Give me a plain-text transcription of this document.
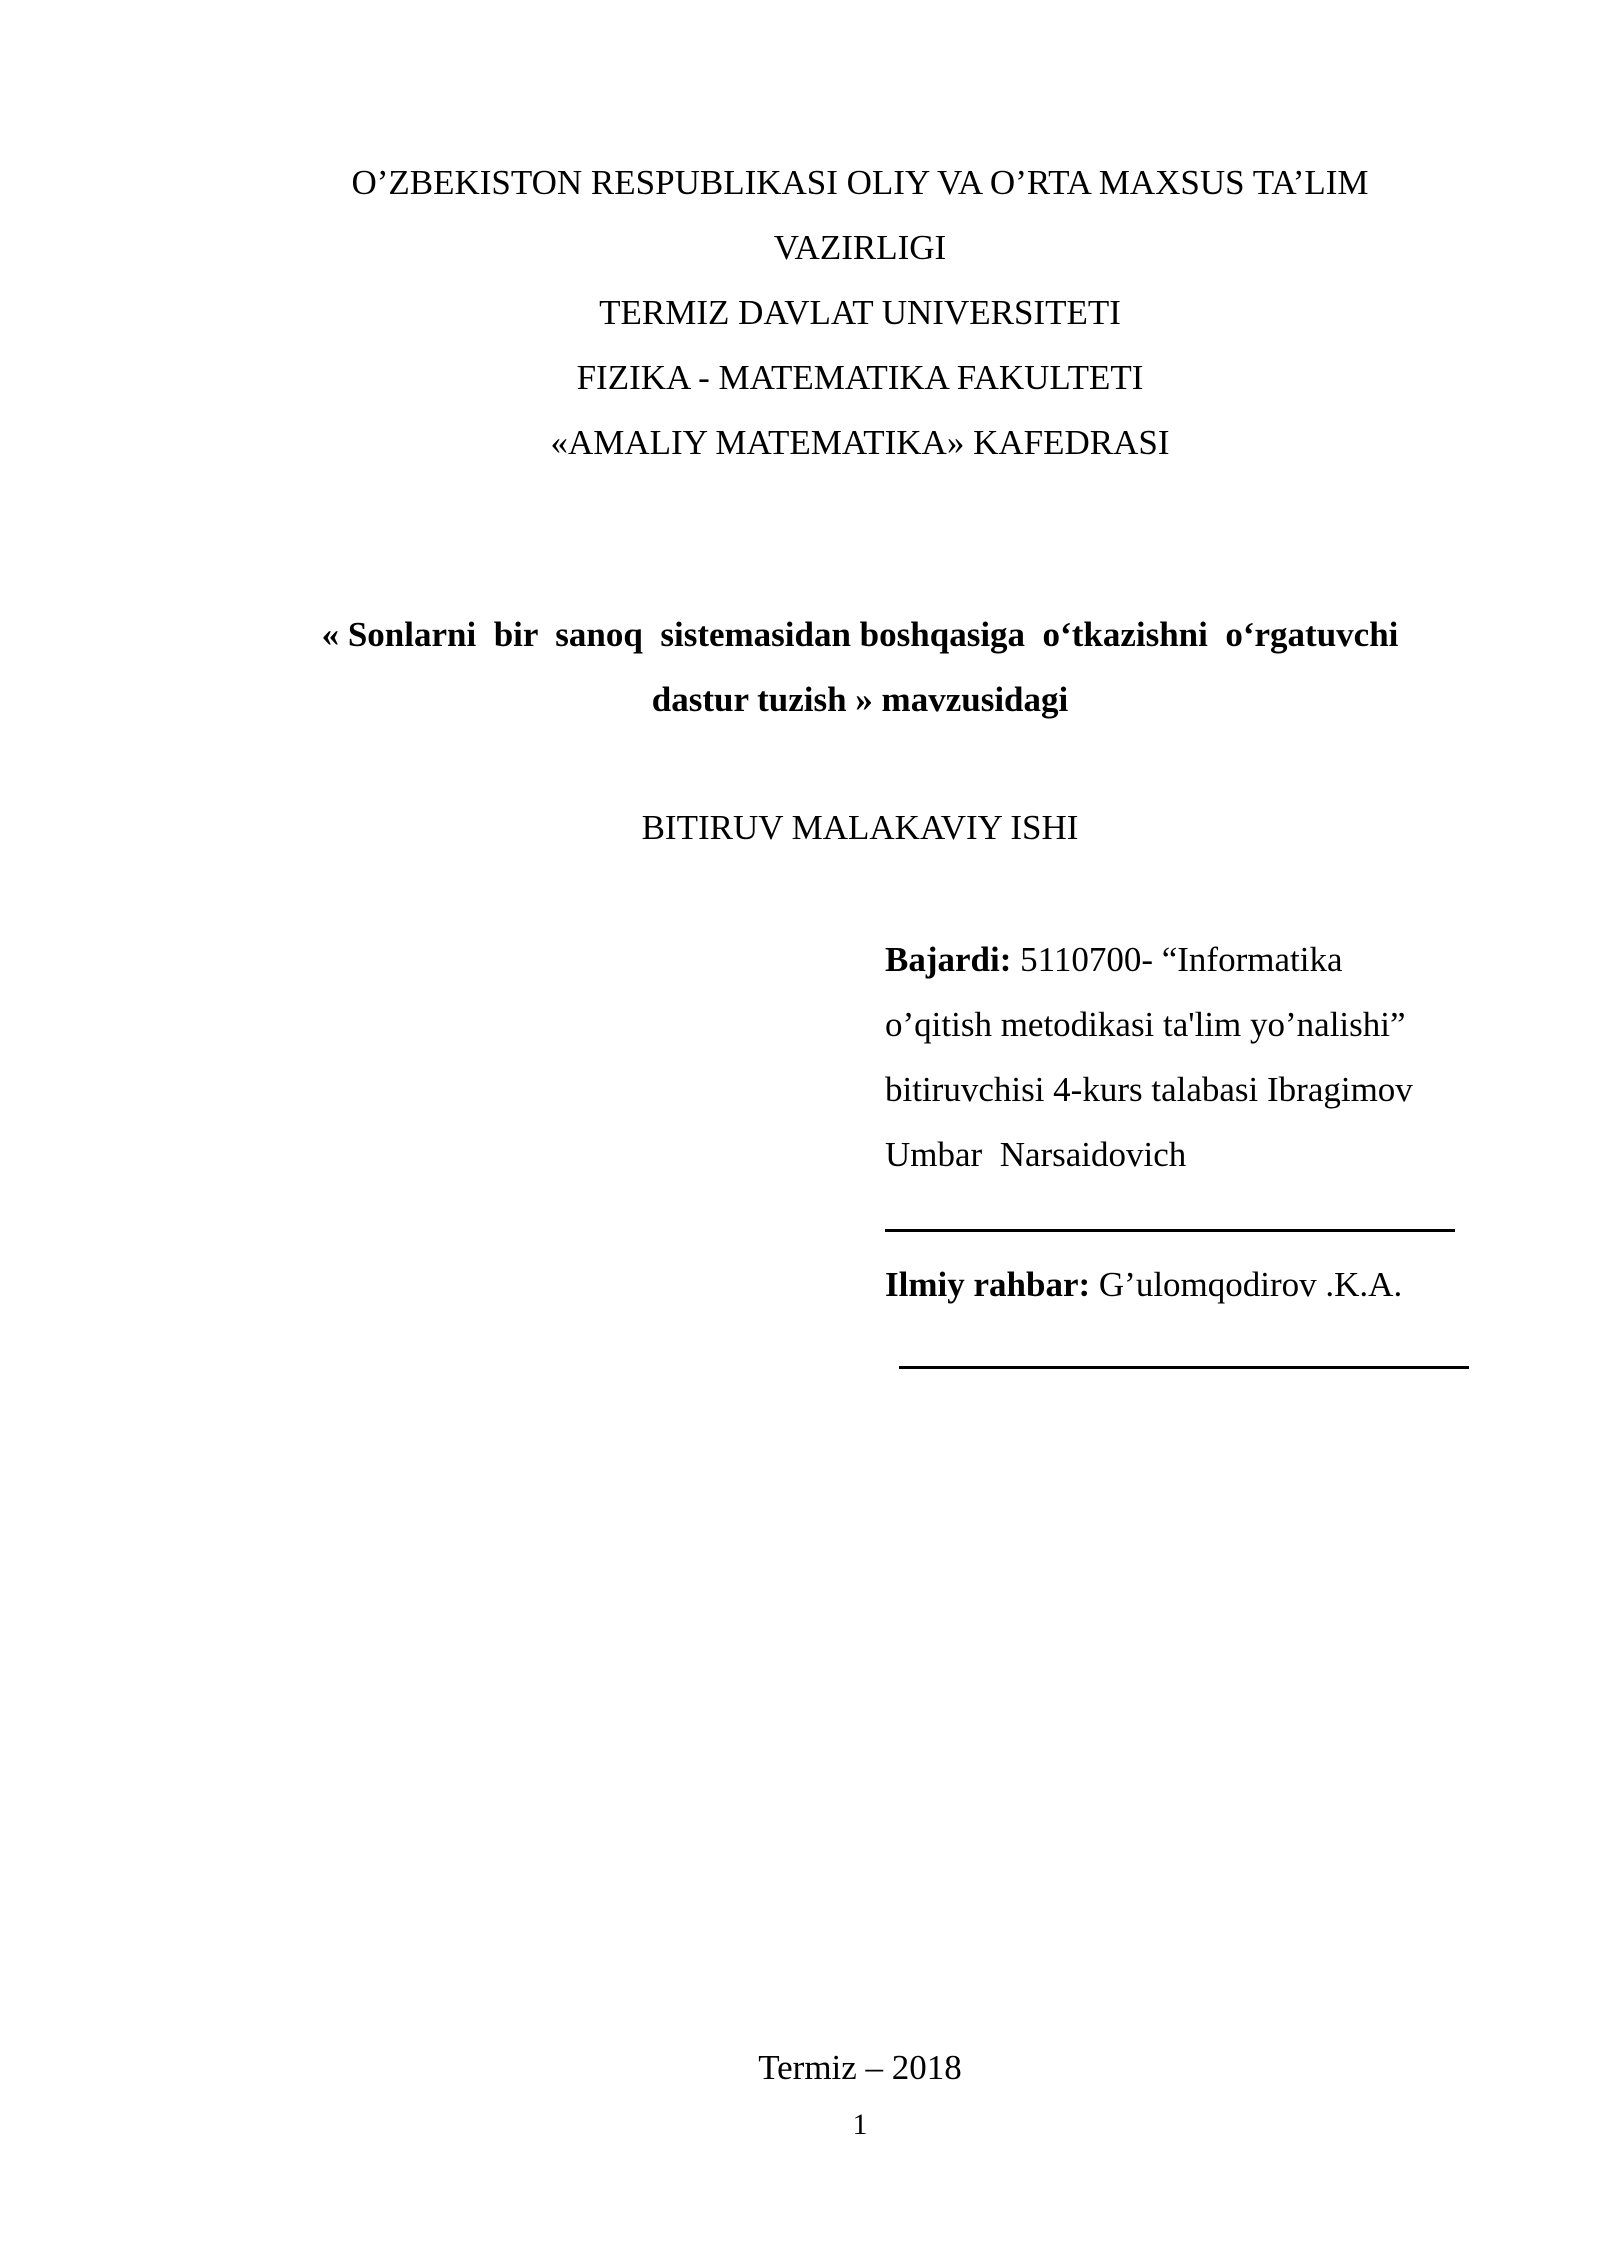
O’ZBEKISTON RESPUBLIKASI OLIY VA O’RTA MAXSUS TA’LIM
VAZIRLIGI
TERMIZ DAVLAT UNIVERSITETI
FIZIKA - MATEMATIKA FAKULTETI
«AMALIY MATEMATIKA» KAFEDRASI
« Sonlarni  bir  sanoq  sistemasidan boshqasiga  o‘tkazishni  o‘rgatuvchi
dastur tuzish » mavzusidagi
BITIRUV MALAKAVIY ISHI
Bajardi: 5110700- “Informatika
o’qitish metodikasi ta'lim yo’nalishi”
bitiruvchisi 4-kurs talabasi Ibragimov
Umbar  Narsaidovich

Ilmiy rahbar: G’ulomqodirov .K.A.
Termiz – 2018
1
